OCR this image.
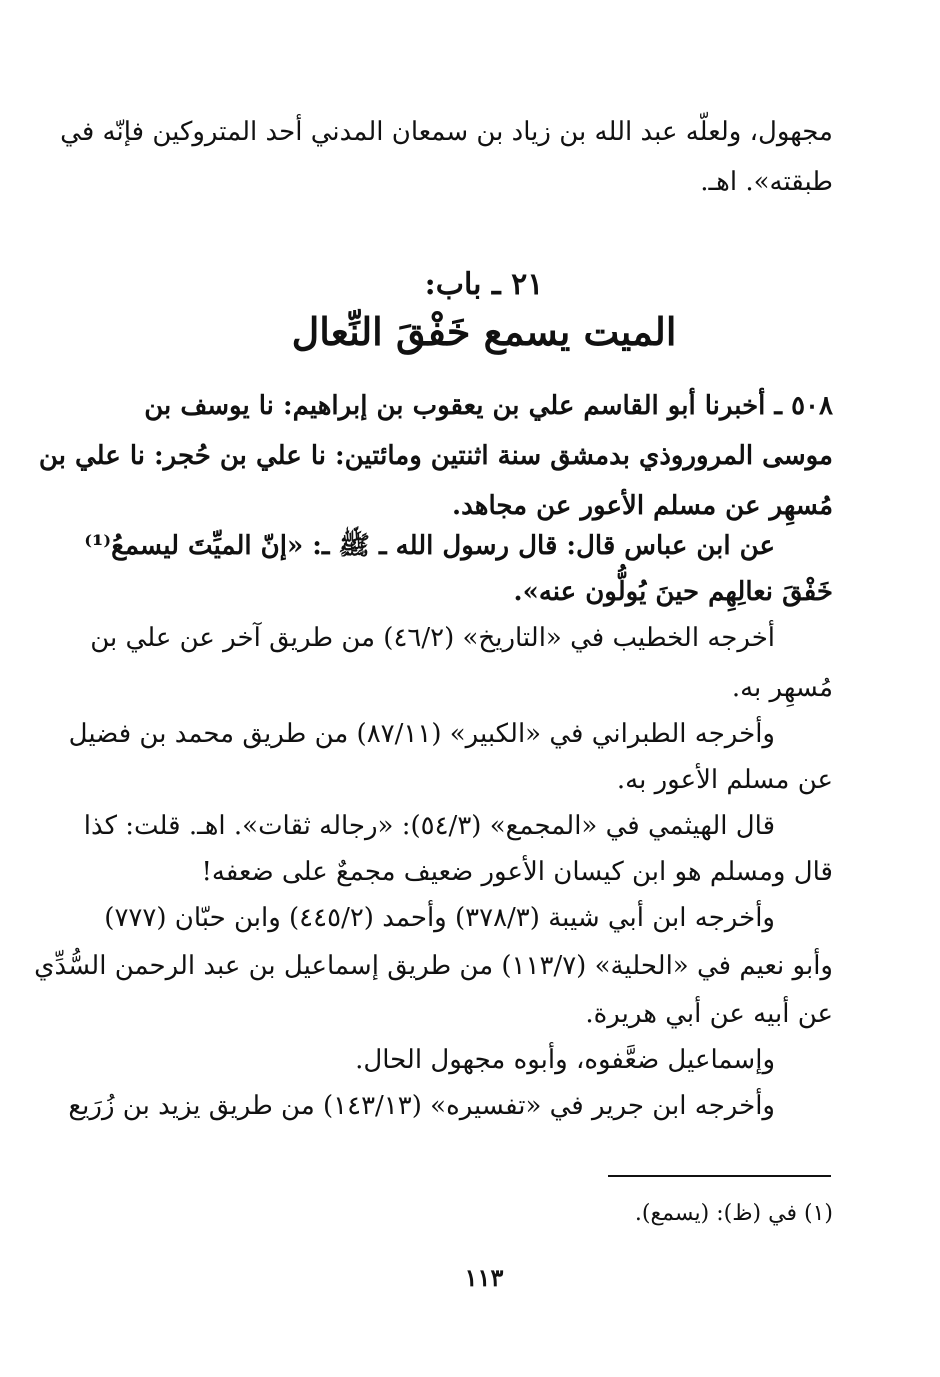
مجهول، ولعلّه عبد الله بن زياد بن سمعان المدني أحد المتروكين فإنّه في
طبقته». اهـ.
٢١ ـ باب:
الميت يسمع خَفْقَ النِّعال
٥٠٨ ـ أخبرنا أبو القاسم علي بن يعقوب بن إبراهيم: نا يوسف بن
موسى المروروذي بدمشق سنة اثنتين ومائتين: نا علي بن حُجر: نا علي بن
مُسهِر عن مسلم الأعور عن مجاهد.
عن ابن عباس قال: قال رسول الله ـ ﷺ ـ: «إنّ الميِّتَ ليسمعُ⁽¹⁾
خَفْقَ نعالِهِم حينَ يُولُّون عنه».
أخرجه الخطيب في «التاريخ» (٤٦/٢) من طريق آخر عن علي بن
مُسهِر به.
وأخرجه الطبراني في «الكبير» (٨٧/١١) من طريق محمد بن فضيل
عن مسلم الأعور به.
قال الهيثمي في «المجمع» (٥٤/٣): «رجاله ثقات». اهـ. قلت: كذا
قال ومسلم هو ابن كيسان الأعور ضعيف مجمعٌ على ضعفه!
وأخرجه ابن أبي شيبة (٣٧٨/٣) وأحمد (٤٤٥/٢) وابن حبّان (٧٧٧)
وأبو نعيم في «الحلية» (١١٣/٧) من طريق إسماعيل بن عبد الرحمن السُّدِّي
عن أبيه عن أبي هريرة.
وإسماعيل ضعَّفوه، وأبوه مجهول الحال.
وأخرجه ابن جرير في «تفسيره» (١٤٣/١٣) من طريق يزيد بن زُرَيع
(١) في (ظ): (يسمع).
١١٣
